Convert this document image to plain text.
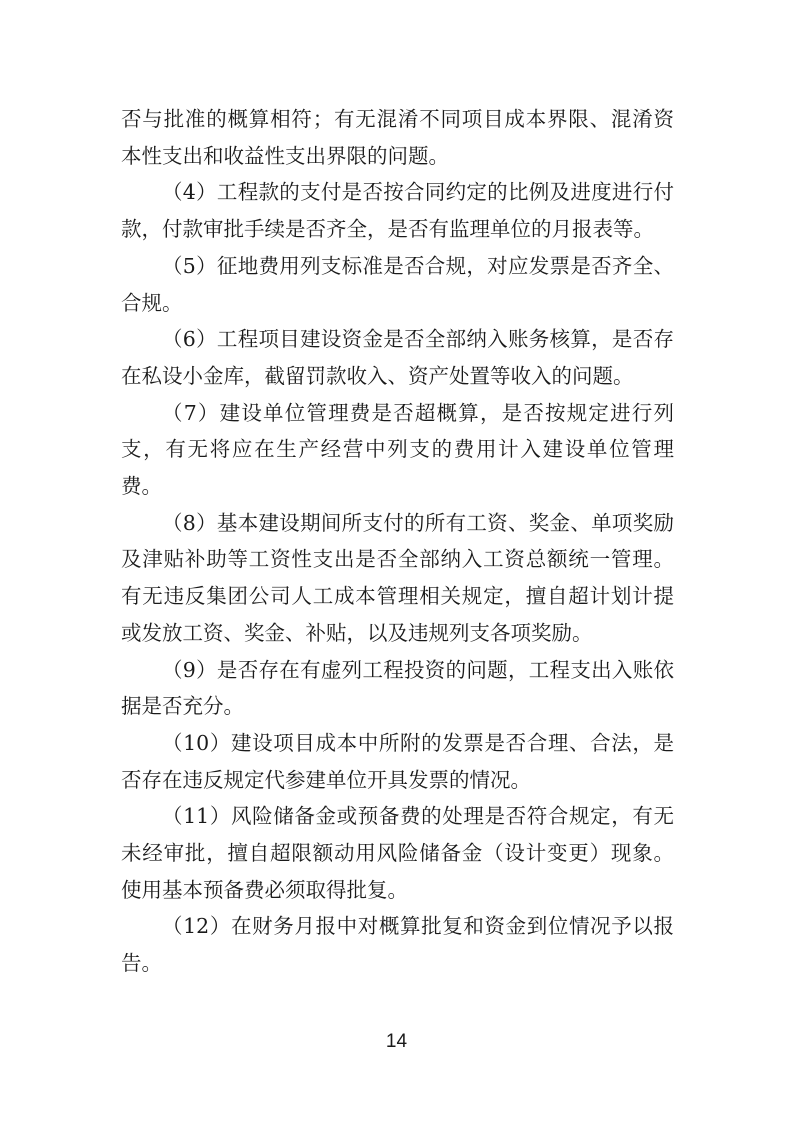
否与批准的概算相符；有无混淆不同项目成本界限、混淆资本性支出和收益性支出界限的问题。

（4）工程款的支付是否按合同约定的比例及进度进行付款，付款审批手续是否齐全，是否有监理单位的月报表等。

（5）征地费用列支标准是否合规，对应发票是否齐全、合规。

（6）工程项目建设资金是否全部纳入账务核算，是否存在私设小金库，截留罚款收入、资产处置等收入的问题。

（7）建设单位管理费是否超概算，是否按规定进行列支，有无将应在生产经营中列支的费用计入建设单位管理费。

（8）基本建设期间所支付的所有工资、奖金、单项奖励及津贴补助等工资性支出是否全部纳入工资总额统一管理。有无违反集团公司人工成本管理相关规定，擅自超计划计提或发放工资、奖金、补贴，以及违规列支各项奖励。

（9）是否存在有虚列工程投资的问题，工程支出入账依据是否充分。

（10）建设项目成本中所附的发票是否合理、合法，是否存在违反规定代参建单位开具发票的情况。

（11）风险储备金或预备费的处理是否符合规定，有无未经审批，擅自超限额动用风险储备金（设计变更）现象。使用基本预备费必须取得批复。

（12）在财务月报中对概算批复和资金到位情况予以报告。

14
